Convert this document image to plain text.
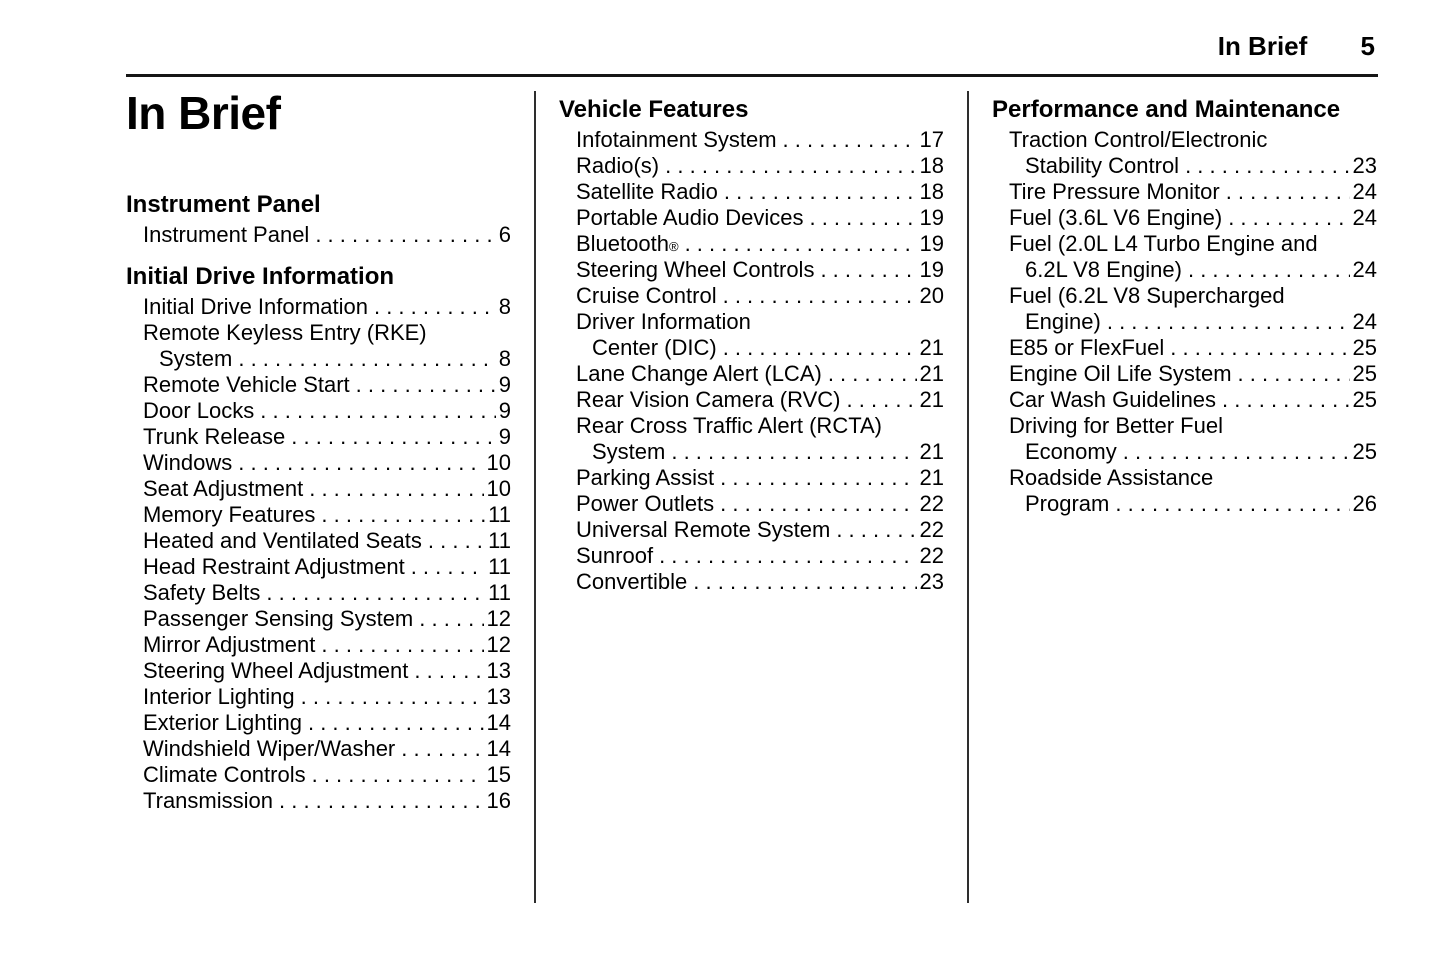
In Brief 5
In Brief
Instrument Panel
Instrument Panel . . .	6
Initial Drive Information
Initial Drive Information . . .	8
Remote Keyless Entry (RKE)
System . . .	8
Remote Vehicle Start . . .	9
Door Locks . . .	9
Trunk Release . . .	9
Windows . . .	10
Seat Adjustment . . .	10
Memory Features . . .	11
Heated and Ventilated Seats . . .	11
Head Restraint Adjustment . . .	11
Safety Belts . . .	11
Passenger Sensing System . . .	12
Mirror Adjustment . . .	12
Steering Wheel Adjustment . . .	13
Interior Lighting . . .	13
Exterior Lighting . . .	14
Windshield Wiper/Washer . . .	14
Climate Controls . . .	15
Transmission . . .	16
Vehicle Features
Infotainment System . . .	17
Radio(s) . . .	18
Satellite Radio . . .	18
Portable Audio Devices . . .	19
Bluetooth ® . . .	19
Steering Wheel Controls . . .	19
Cruise Control . . .	20
Driver Information
Center (DIC) . . .	21
Lane Change Alert (LCA) . . .	21
Rear Vision Camera (RVC) . . .	21
Rear Cross Traffic Alert (RCTA)
System . . .	21
Parking Assist . . .	21
Power Outlets . . .	22
Universal Remote System . . .	22
Sunroof . . .	22
Convertible . . .	23
Performance and Maintenance
Traction Control/Electronic
Stability Control . . .	23
Tire Pressure Monitor . . .	24
Fuel (3.6L V6 Engine) . . .	24
Fuel (2.0L L4 Turbo Engine and
6.2L V8 Engine) . . .	24
Fuel (6.2L V8 Supercharged
Engine) . . .	24
E85 or FlexFuel . . .	25
Engine Oil Life System . . .	25
Car Wash Guidelines . . .	25
Driving for Better Fuel
Economy . . .	25
Roadside Assistance
Program . . .	26
